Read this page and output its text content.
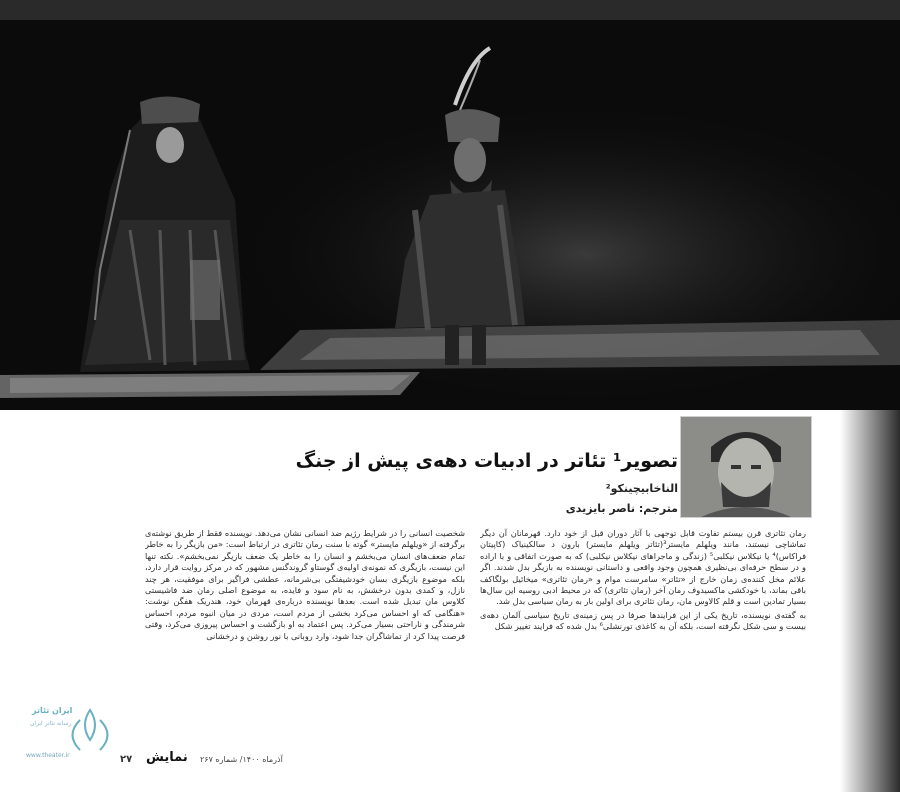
تصویر¹ تئاتر در ادبیات دهه‌ی پیش از جنگ
النا‌خابیچینکو²
مترجم: ناصر بایزیدی

رمان تئاتری قرن بیستم تفاوت قابل توجهی با آثار دوران قبل از خود دارد. قهرمانان آن دیگر تماشاچی نیستند، مانند ویلهلم مایستر³(تئاتر ویلهلم مایستر) بارون د سالکینیاک (کاپیتان فراکاس)⁴ یا نیکلاس نیکلبی⁵ (زندگی و ماجراهای نیکلاس نیکلبی) که به صورت اتفاقی و با اراده و در سطح حرفه‌ای بی‌نظیری همچون وجود واقعی و داستانی نویسنده به بازیگر بدل شدند. اگر علائم مخل کننده‌ی زمان خارج از «تئاتر» سامرست موام و «رمان تئاتری» میخائیل بولگاکف باقی بماند، با خودکشی ماکسیدوف رمان آخر (رمان تئاتری) که در محیط ادبی روسیه این سال‌ها بسیار تمادین است و قلم کالاوس مان، رمان تئاتری برای اولین بار به رمان سیاسی بدل شد.

به گفته‌ی نویسنده، تاریخ یکی از این فرایندها صرفا در پس زمینه‌ی تاریخ سیاسی آلمان دهه‌ی بیست و سی شکل نگرفته است، بلکه آن به کاغذی تورنشلی⁶ بدل شده که فرایند تغییر شکل

شخصیت انسانی را در شرایط رژیم ضد انسانی نشان می‌دهد. نویسنده فقط از طریق نوشته‌ی برگرفته از «ویلهلم مایستر» گوته با سنت رمان تئاتری در ارتباط است: «من بازیگر را به خاطر تمام ضعف‌های انسان می‌بخشم و انسان را به خاطر یک ضعف بازیگر نمی‌بخشم». نکته تنها این نیست، بازیگری که نمونه‌ی اولیه‌ی گوستاو گروندگنس مشهور که در مرکز روایت قرار دارد، بلکه موضوع بازیگری بسان خودشیفتگی بی‌شرمانه، عطشی فراگیر برای موفقیت، هر چند نازل، و کمدی بدون درخشش، به نام سود و فایده، به موضوع اصلی رمان ضد فاشیستی کلاوس مان تبدیل شده است. بعدها نویسنده درباره‌ی قهرمان خود، هندریک هفگن نوشت: «هنگامی که او احساس می‌کرد بخشی از مردم است، مردی در میان انبوه مردم، احساس شرمندگی و ناراحتی بسیار می‌کرد. پس اعتماد به او بازگشت و احساس پیروزی می‌کرد، وقتی فرصت پیدا کرد از تماشاگران جدا شود، وارد روبانی با نور روشن و درخشانی

۲۷ نمایش آذرماه ۱۴۰۰/ شماره ۲۶۷
ایران تئاتر
رسانه تئاتر ایران
www.theater.ir
